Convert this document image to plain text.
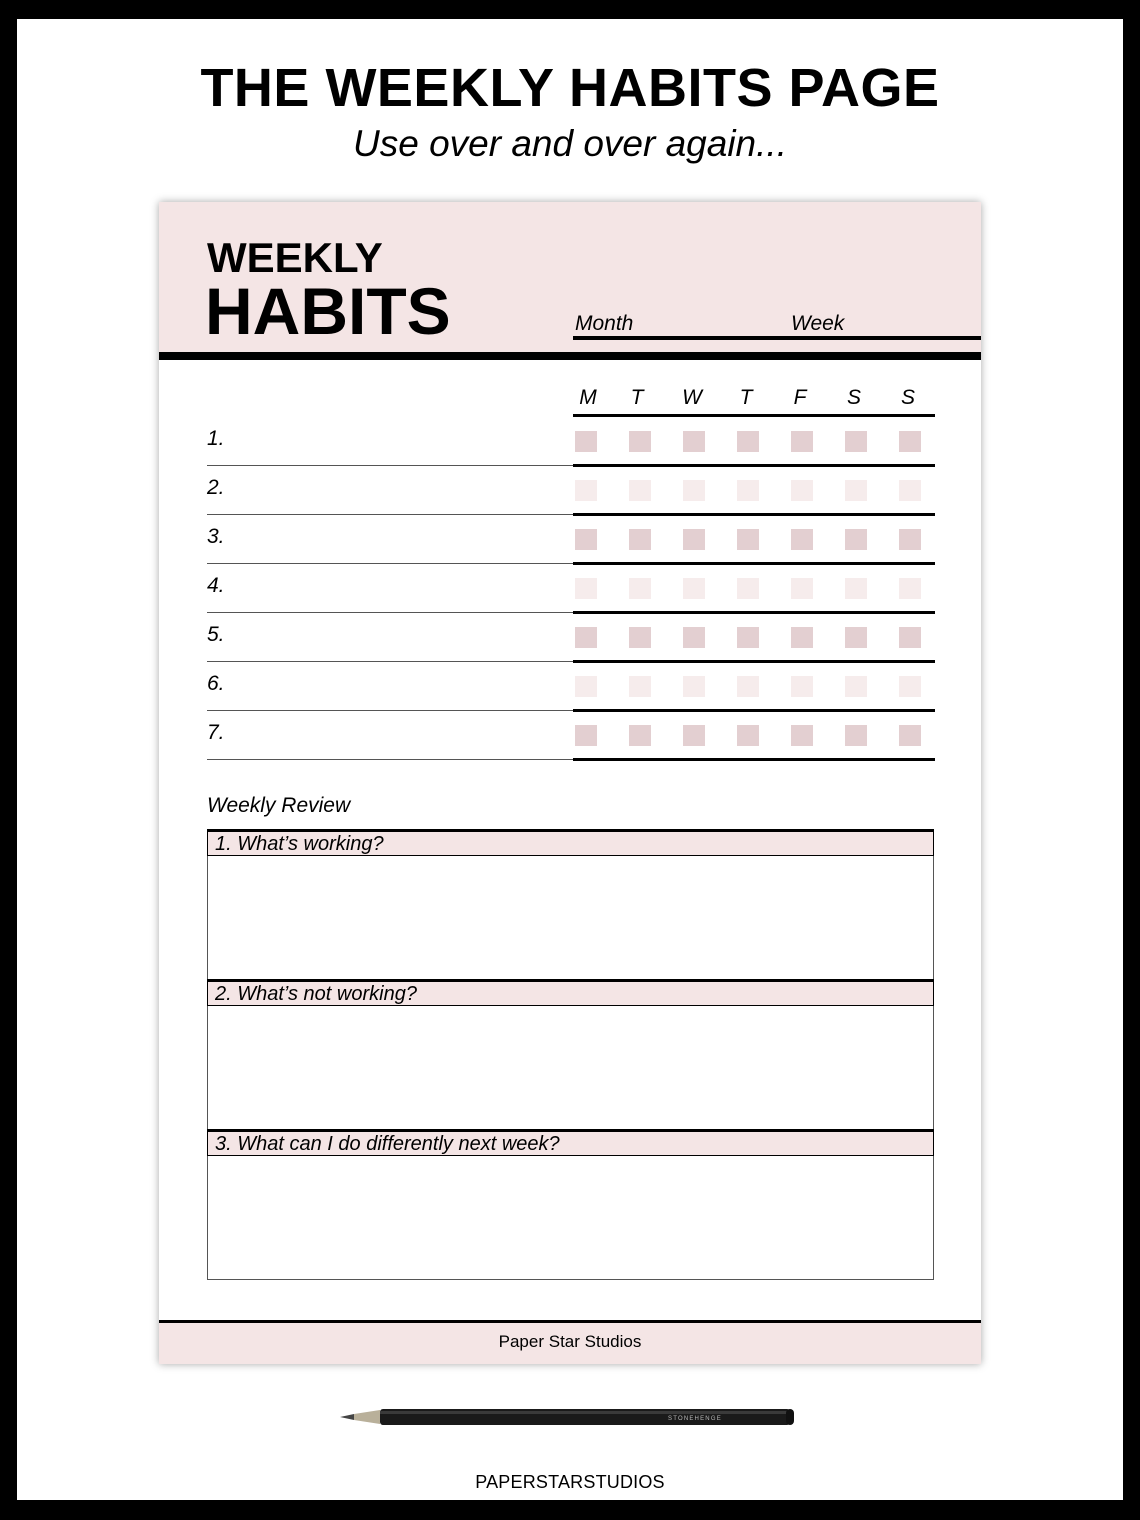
THE WEEKLY HABITS PAGE
Use over and over again...
WEEKLY
HABITS	Month	Week
M	T	W	T	F	S	S
1.
2.
3.
4.
5.
6.
7.
Weekly Review
1. What’s working?
2. What’s not working?
3. What can I do differently next week?
Paper Star Studios
STONEHENGE
PAPERSTARSTUDIOS
